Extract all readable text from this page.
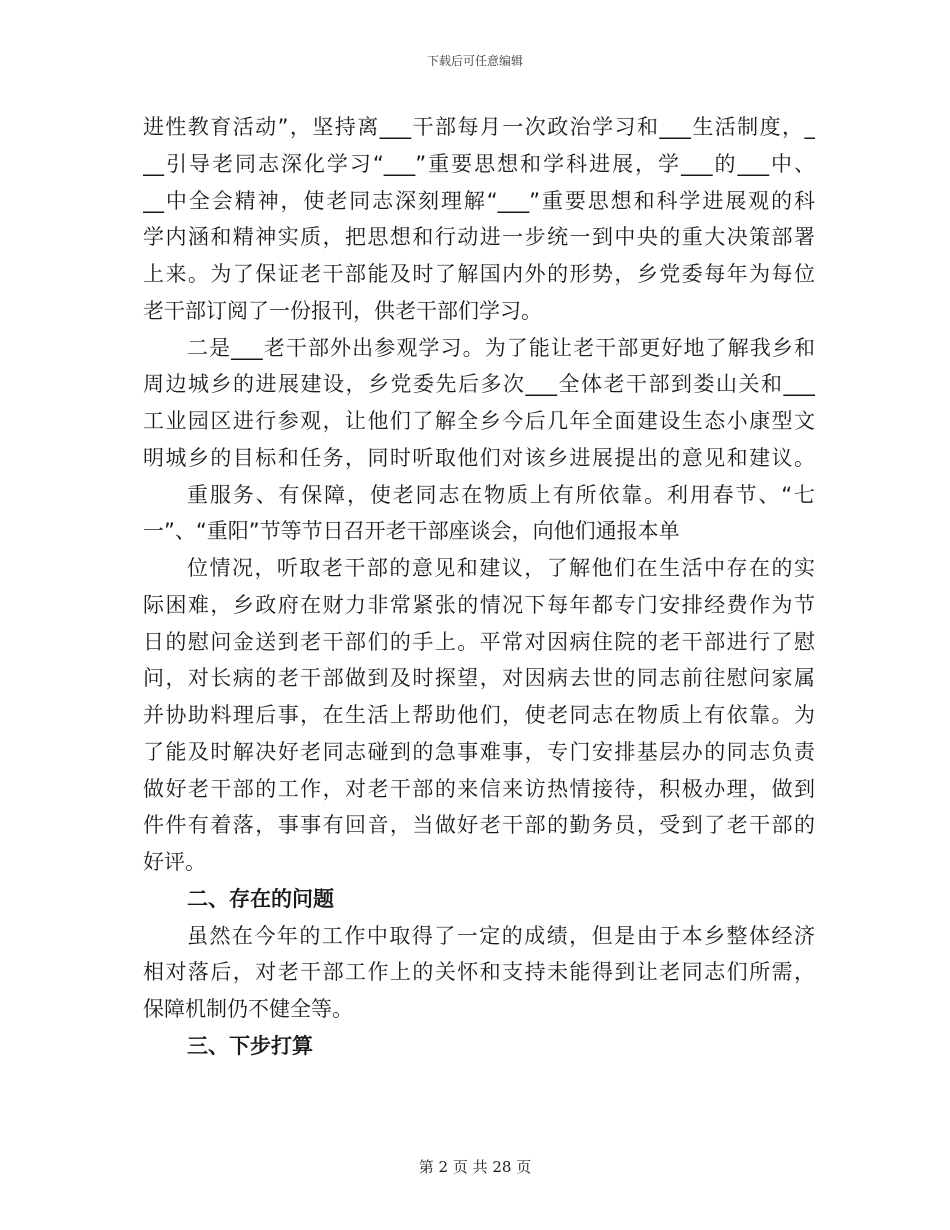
下载后可任意编辑
进性教育活动”，坚持离___干部每月一次政治学习和___生活制度，_
__引导老同志深化学习“___”重要思想和学科进展，学___的___中、
__中全会精神，使老同志深刻理解“___”重要思想和科学进展观的科
学内涵和精神实质，把思想和行动进一步统一到中央的重大决策部署
上来。为了保证老干部能及时了解国内外的形势，乡党委每年为每位
老干部订阅了一份报刊，供老干部们学习。
二是___老干部外出参观学习。为了能让老干部更好地了解我乡和
周边城乡的进展建设，乡党委先后多次___全体老干部到娄山关和___
工业园区进行参观，让他们了解全乡今后几年全面建设生态小康型文
明城乡的目标和任务，同时听取他们对该乡进展提出的意见和建议。
重服务、有保障，使老同志在物质上有所依靠。利用春节、“七
一”、“重阳”节等节日召开老干部座谈会，向他们通报本单
位情况，听取老干部的意见和建议，了解他们在生活中存在的实
际困难，乡政府在财力非常紧张的情况下每年都专门安排经费作为节
日的慰问金送到老干部们的手上。平常对因病住院的老干部进行了慰
问，对长病的老干部做到及时探望，对因病去世的同志前往慰问家属
并协助料理后事，在生活上帮助他们，使老同志在物质上有依靠。为
了能及时解决好老同志碰到的急事难事，专门安排基层办的同志负责
做好老干部的工作，对老干部的来信来访热情接待，积极办理，做到
件件有着落，事事有回音，当做好老干部的勤务员，受到了老干部的
好评。
二、存在的问题
虽然在今年的工作中取得了一定的成绩，但是由于本乡整体经济
相对落后，对老干部工作上的关怀和支持未能得到让老同志们所需，
保障机制仍不健全等。
三、下步打算
第 2 页 共 28 页
